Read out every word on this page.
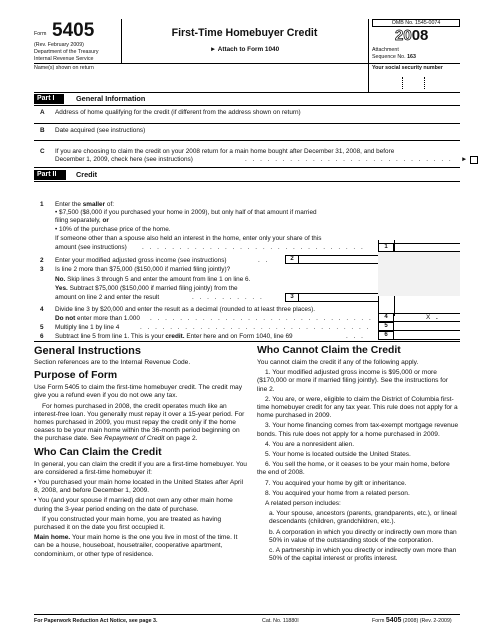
Form 5405
(Rev. February 2009)
Department of the Treasury
Internal Revenue Service
First-Time Homebuyer Credit
► Attach to Form 1040
OMB No. 1545-0074
2008
Attachment
Sequence No. 163
Name(s) shown on return	Your social security number
Part I	General Information
A Address of home qualifying for the credit (if different from the address shown on return)
B Date acquired (see instructions)
C If you are choosing to claim the credit on your 2008 return for a main home bought after December 31, 2008, and before
December 1, 2009, check here (see instructions)	. . . . . . . . . . . . . . . . . . . . . . . . . . . . ►
Part II	Credit
1 Enter the smaller of:
• $7,500 ($8,000 if you purchased your home in 2009), but only half of that amount if married
filing separately, or
• 10% of the purchase price of the home.
If someone other than a spouse also held an interest in the home, enter only your share of this
amount (see instructions) . . . . . . . . . . . . . . . . . . . . . . . . . . . . . .	1
2 Enter your modified adjusted gross income (see instructions)	. .	2
3 Is line 2 more than $75,000 ($150,000 if married filing jointly)?
No. Skip lines 3 through 5 and enter the amount from line 1 on line 6.
Yes. Subtract $75,000 ($150,000 if married filing jointly) from the
amount on line 2 and enter the result	. . . . . . . . . .	3
4 Divide line 3 by $20,000 and enter the result as a decimal (rounded to at least three places).
Do not enter more than 1.000 . . . . . . . . . . . . . . . . . . . . . . . . . . . . . .	4	X .
5 Multiply line 1 by line 4	. . . . . . . . . . . . . . . . . . . . . . . . . . . . . . .	5
6 Subtract line 5 from line 1. This is your credit. Enter here and on Form 1040, line 69	. . .	6

General Instructions

Section references are to the Internal Revenue Code.

Purpose of Form

Use Form 5405 to claim the first-time homebuyer credit. The credit may give you a refund even if you do not owe any tax.

For homes purchased in 2008, the credit operates much like an interest-free loan. You generally must repay it over a 15-year period. For homes purchased in 2009, you must repay the credit only if the home ceases to be your main home within the 36-month period beginning on the purchase date. See Repayment of Credit on page 2.

Who Can Claim the Credit

In general, you can claim the credit if you are a first-time homebuyer. You are considered a first-time homebuyer if:

• You purchased your main home located in the United States after April 8, 2008, and before December 1, 2009.

• You (and your spouse if married) did not own any other main home during the 3-year period ending on the date of purchase.

If you constructed your main home, you are treated as having purchased it on the date you first occupied it.

Main home. Your main home is the one you live in most of the time. It can be a house, houseboat, housetrailer, cooperative apartment, condominium, or other type of residence.

Who Cannot Claim the Credit

You cannot claim the credit if any of the following apply.

1. Your modified adjusted gross income is $95,000 or more ($170,000 or more if married filing jointly). See the instructions for line 2.

2. You are, or were, eligible to claim the District of Columbia first-time homebuyer credit for any tax year. This rule does not apply for a home purchased in 2009.

3. Your home financing comes from tax-exempt mortgage revenue bonds. This rule does not apply for a home purchased in 2009.

4. You are a nonresident alien.

5. Your home is located outside the United States.

6. You sell the home, or it ceases to be your main home, before the end of 2008.

7. You acquired your home by gift or inheritance.

8. You acquired your home from a related person.

A related person includes:

a. Your spouse, ancestors (parents, grandparents, etc.), or lineal descendants (children, grandchildren, etc.).

b. A corporation in which you directly or indirectly own more than 50% in value of the outstanding stock of the corporation.

c. A partnership in which you directly or indirectly own more than 50% of the capital interest or profits interest.

For Paperwork Reduction Act Notice, see page 3.	Cat. No. 11880I	Form 5405 (2008) (Rev. 2-2009)
